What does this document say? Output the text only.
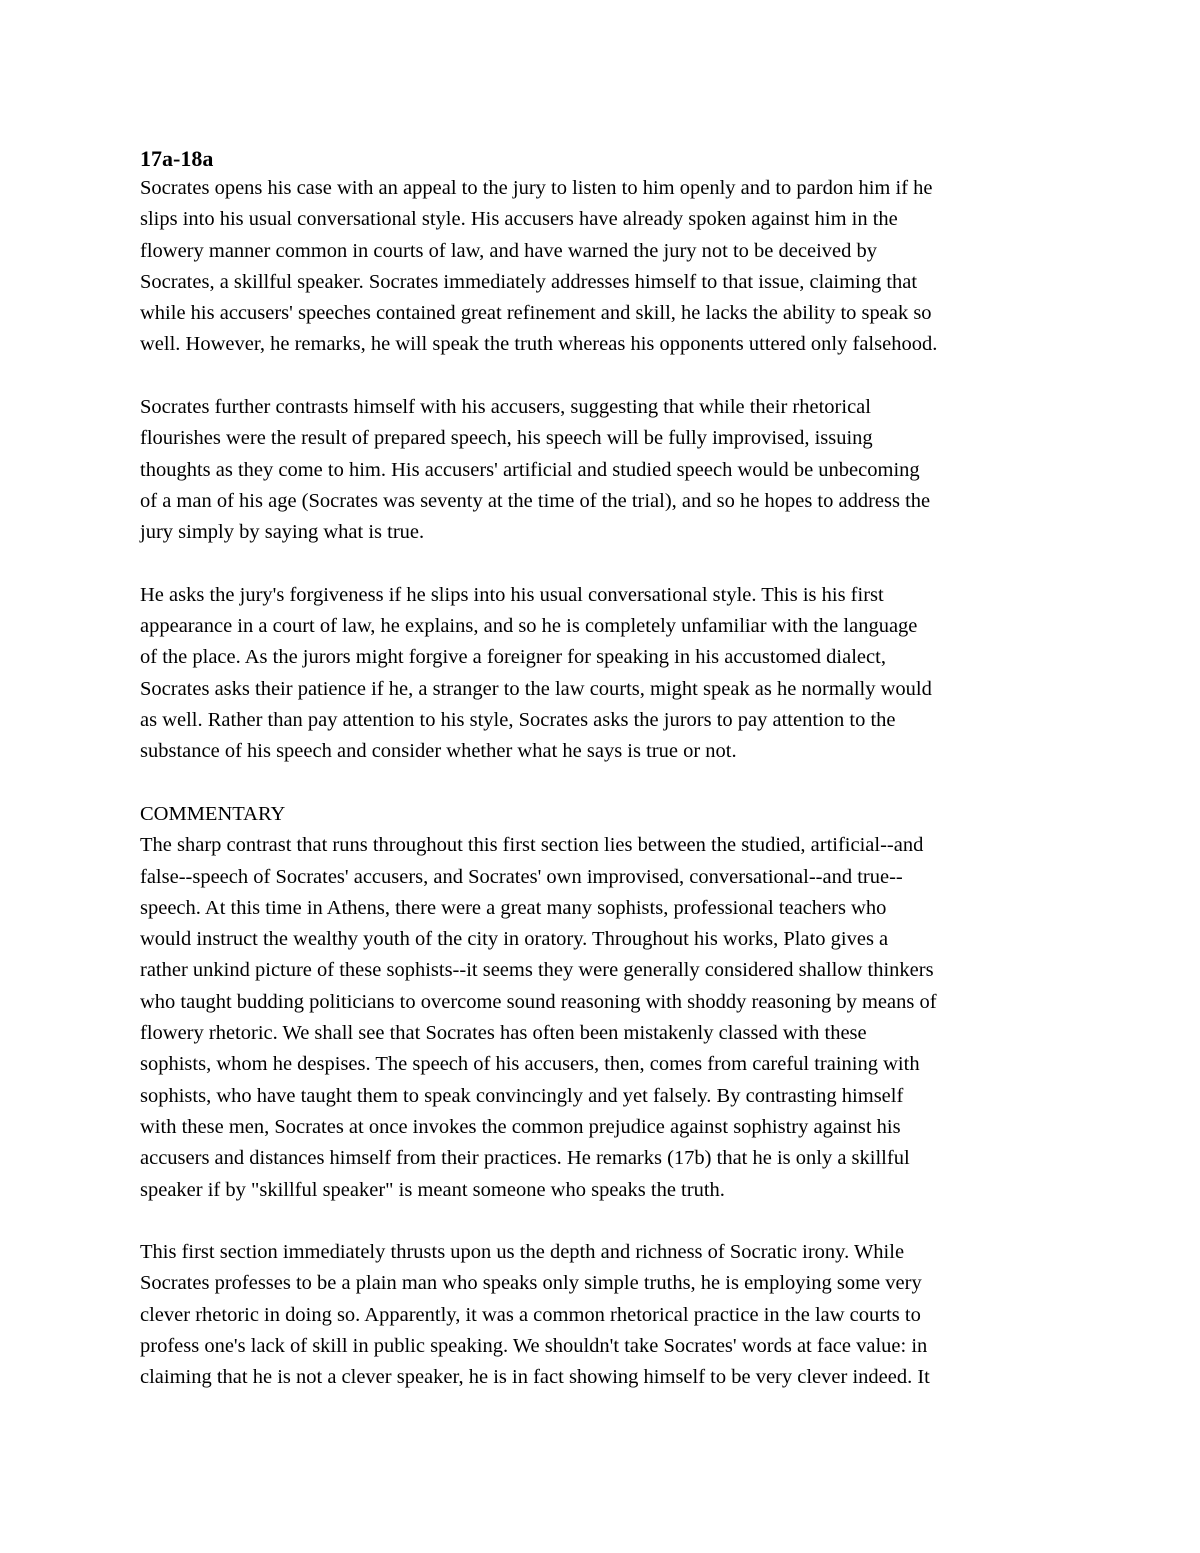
17a-18a
Socrates opens his case with an appeal to the jury to listen to him openly and to pardon him if he
slips into his usual conversational style. His accusers have already spoken against him in the
flowery manner common in courts of law, and have warned the jury not to be deceived by
Socrates, a skillful speaker. Socrates immediately addresses himself to that issue, claiming that
while his accusers' speeches contained great refinement and skill, he lacks the ability to speak so
well. However, he remarks, he will speak the truth whereas his opponents uttered only falsehood.
Socrates further contrasts himself with his accusers, suggesting that while their rhetorical
flourishes were the result of prepared speech, his speech will be fully improvised, issuing
thoughts as they come to him. His accusers' artificial and studied speech would be unbecoming
of a man of his age (Socrates was seventy at the time of the trial), and so he hopes to address the
jury simply by saying what is true.
He asks the jury's forgiveness if he slips into his usual conversational style. This is his first
appearance in a court of law, he explains, and so he is completely unfamiliar with the language
of the place. As the jurors might forgive a foreigner for speaking in his accustomed dialect,
Socrates asks their patience if he, a stranger to the law courts, might speak as he normally would
as well. Rather than pay attention to his style, Socrates asks the jurors to pay attention to the
substance of his speech and consider whether what he says is true or not.
COMMENTARY
The sharp contrast that runs throughout this first section lies between the studied, artificial--and
false--speech of Socrates' accusers, and Socrates' own improvised, conversational--and true--
speech. At this time in Athens, there were a great many sophists, professional teachers who
would instruct the wealthy youth of the city in oratory. Throughout his works, Plato gives a
rather unkind picture of these sophists--it seems they were generally considered shallow thinkers
who taught budding politicians to overcome sound reasoning with shoddy reasoning by means of
flowery rhetoric. We shall see that Socrates has often been mistakenly classed with these
sophists, whom he despises. The speech of his accusers, then, comes from careful training with
sophists, who have taught them to speak convincingly and yet falsely. By contrasting himself
with these men, Socrates at once invokes the common prejudice against sophistry against his
accusers and distances himself from their practices. He remarks (17b) that he is only a skillful
speaker if by "skillful speaker" is meant someone who speaks the truth.
This first section immediately thrusts upon us the depth and richness of Socratic irony. While
Socrates professes to be a plain man who speaks only simple truths, he is employing some very
clever rhetoric in doing so. Apparently, it was a common rhetorical practice in the law courts to
profess one's lack of skill in public speaking. We shouldn't take Socrates' words at face value: in
claiming that he is not a clever speaker, he is in fact showing himself to be very clever indeed. It
